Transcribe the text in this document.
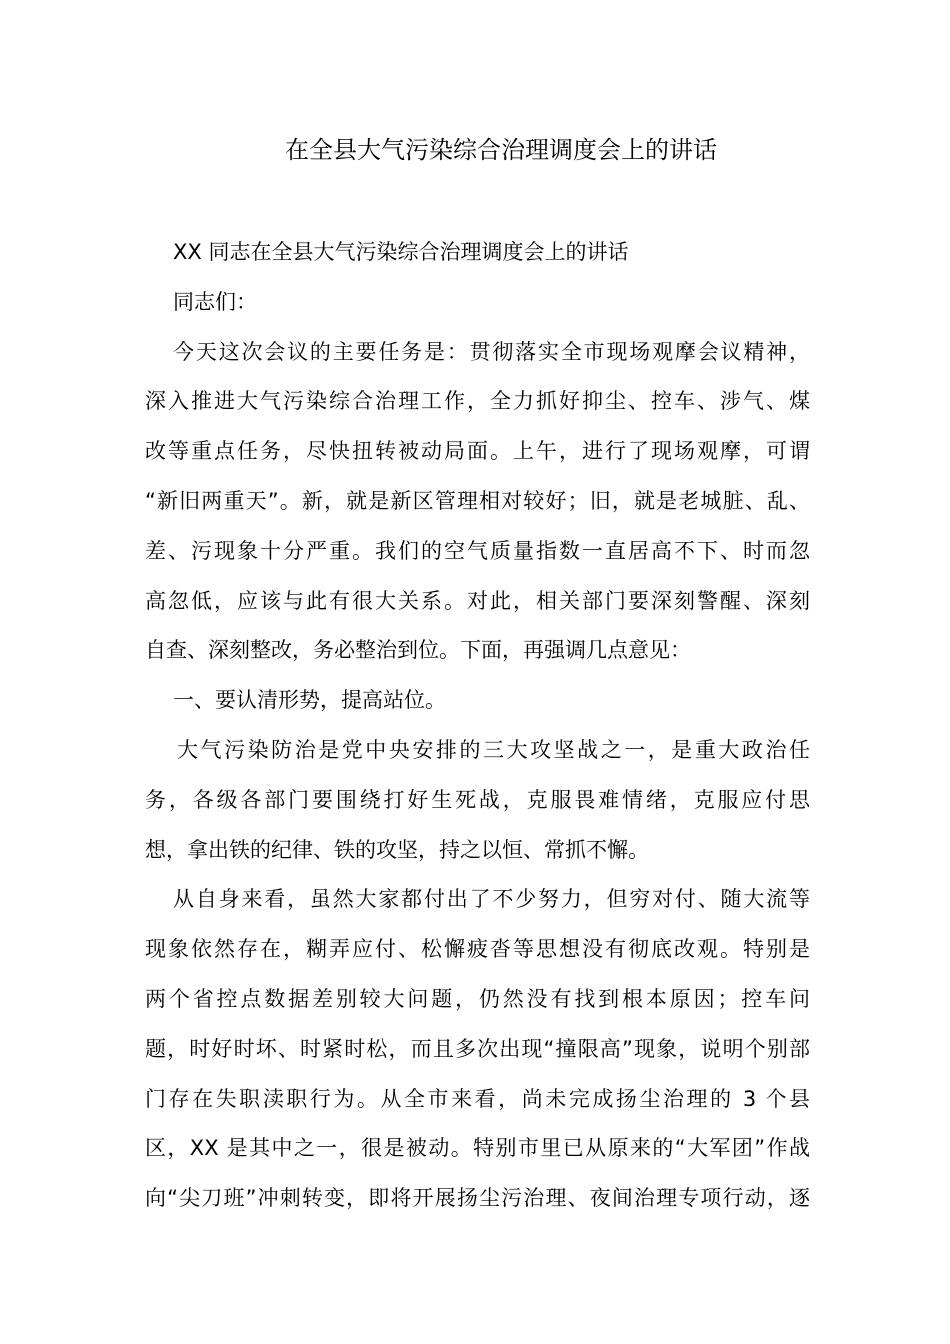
在全县大气污染综合治理调度会上的讲话
XX 同志在全县大气污染综合治理调度会上的讲话
同志们：
今天这次会议的主要任务是：贯彻落实全市现场观摩会议精神，
深入推进大气污染综合治理工作，全力抓好抑尘、控车、涉气、煤
改等重点任务，尽快扭转被动局面。上午，进行了现场观摩，可谓
“新旧两重天”。新，就是新区管理相对较好；旧，就是老城脏、乱、
差、污现象十分严重。我们的空气质量指数一直居高不下、时而忽
高忽低，应该与此有很大关系。对此，相关部门要深刻警醒、深刻
自查、深刻整改，务必整治到位。下面，再强调几点意见：
一、要认清形势，提高站位。
大气污染防治是党中央安排的三大攻坚战之一，是重大政治任
务，各级各部门要围绕打好生死战，克服畏难情绪，克服应付思
想，拿出铁的纪律、铁的攻坚，持之以恒、常抓不懈。
从自身来看，虽然大家都付出了不少努力，但穷对付、随大流等
现象依然存在，糊弄应付、松懈疲沓等思想没有彻底改观。特别是
两个省控点数据差别较大问题，仍然没有找到根本原因；控车问
题，时好时坏、时紧时松，而且多次出现“撞限高”现象，说明个别部
门存在失职渎职行为。从全市来看，尚未完成扬尘治理的 3 个县
区，XX 是其中之一，很是被动。特别市里已从原来的“大军团”作战
向“尖刀班”冲刺转变，即将开展扬尘污治理、夜间治理专项行动，逐
